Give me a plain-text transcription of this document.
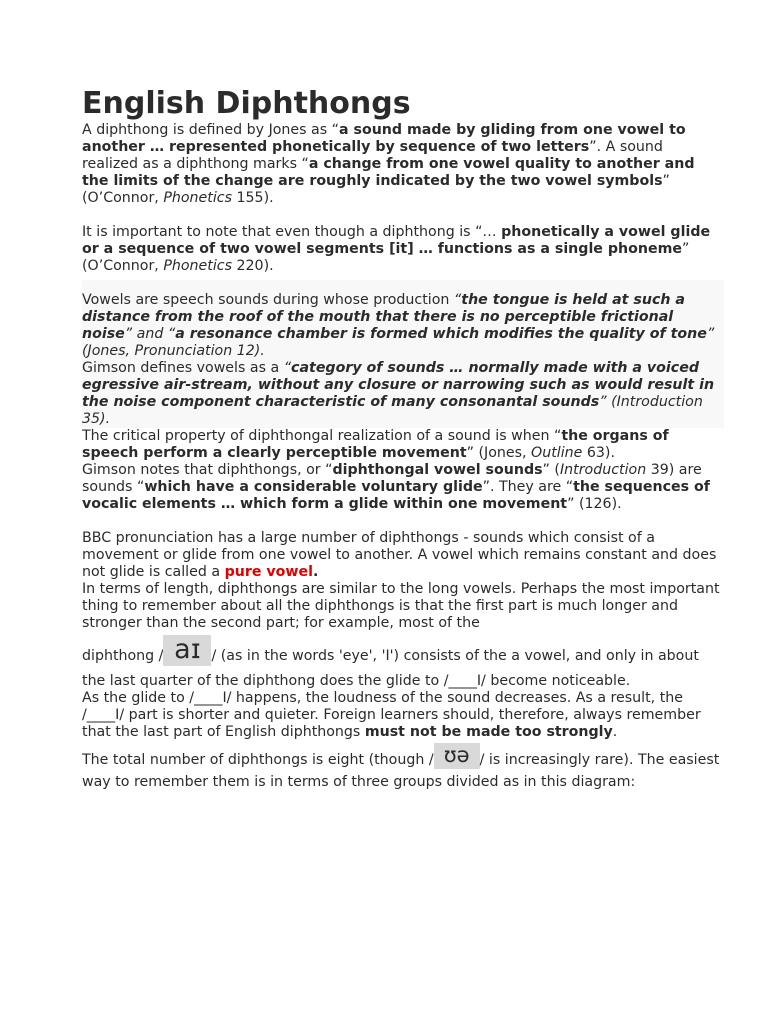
English Diphthongs

A diphthong is defined by Jones as “a sound made by gliding from one vowel to another … represented phonetically by sequence of two letters”. A sound realized as a diphthong marks “a change from one vowel quality to another and the limits of the change are roughly indicated by the two vowel symbols” (O’Connor, Phonetics 155).

It is important to note that even though a diphthong is “… phonetically a vowel glide or a sequence of two vowel segments [it] … functions as a single phoneme” (O’Connor, Phonetics 220).

Vowels are speech sounds during whose production “the tongue is held at such a distance from the roof of the mouth that there is no perceptible frictional noise” and “a resonance chamber is formed which modifies the quality of tone” (Jones, Pronunciation 12).

Gimson defines vowels as a “category of sounds … normally made with a voiced egressive air-stream, without any closure or narrowing such as would result in the noise component characteristic of many consonantal sounds” (Introduction 35).

The critical property of diphthongal realization of a sound is when “the organs of speech perform a clearly perceptible movement” (Jones, Outline 63).

Gimson notes that diphthongs, or “diphthongal vowel sounds” (Introduction 39) are sounds “which have a considerable voluntary glide”. They are “the sequences of vocalic elements … which form a glide within one movement” (126).

BBC pronunciation has a large number of diphthongs - sounds which consist of a movement or glide from one vowel to another. A vowel which remains constant and does not glide is called a pure vowel.

In terms of length, diphthongs are similar to the long vowels. Perhaps the most important thing to remember about all the diphthongs is that the first part is much longer and stronger than the second part; for example, most of the

diphthong / aɪ / (as in the words 'eye', 'I') consists of the a vowel, and only in about the last quarter of the diphthong does the glide to /____I/ become noticeable.

As the glide to /____I/ happens, the loudness of the sound decreases. As a result, the /____I/ part is shorter and quieter. Foreign learners should, therefore, always remember that the last part of English diphthongs must not be made too strongly.

The total number of diphthongs is eight (though / ʊə / is increasingly rare). The easiest way to remember them is in terms of three groups divided as in this diagram:
